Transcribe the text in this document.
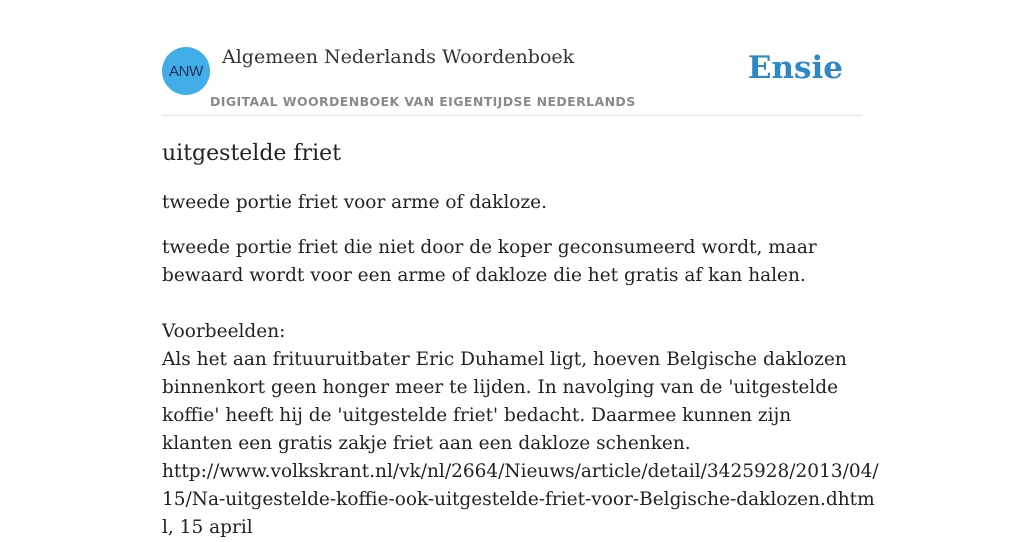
ANW
Algemeen Nederlands Woordenboek
DIGITAAL WOORDENBOEK VAN EIGENTIJDSE NEDERLANDS
Ensie
uitgestelde friet

tweede portie friet voor arme of dakloze.

tweede portie friet die niet door de koper geconsumeerd wordt, maar bewaard wordt voor een arme of dakloze die het gratis af kan halen.

Voorbeelden:
Als het aan frituuruitbater Eric Duhamel ligt, hoeven Belgische daklozen binnenkort geen honger meer te lijden. In navolging van de 'uitgestelde koffie' heeft hij de 'uitgestelde friet' bedacht. Daarmee kunnen zijn klanten een gratis zakje friet aan een dakloze schenken.
http://www.volkskrant.nl/vk/nl/2664/Nieuws/article/detail/3425928/2013/04/15/Na-uitgestelde-koffie-ook-uitgestelde-friet-voor-Belgische-daklozen.dhtml, 15 april
